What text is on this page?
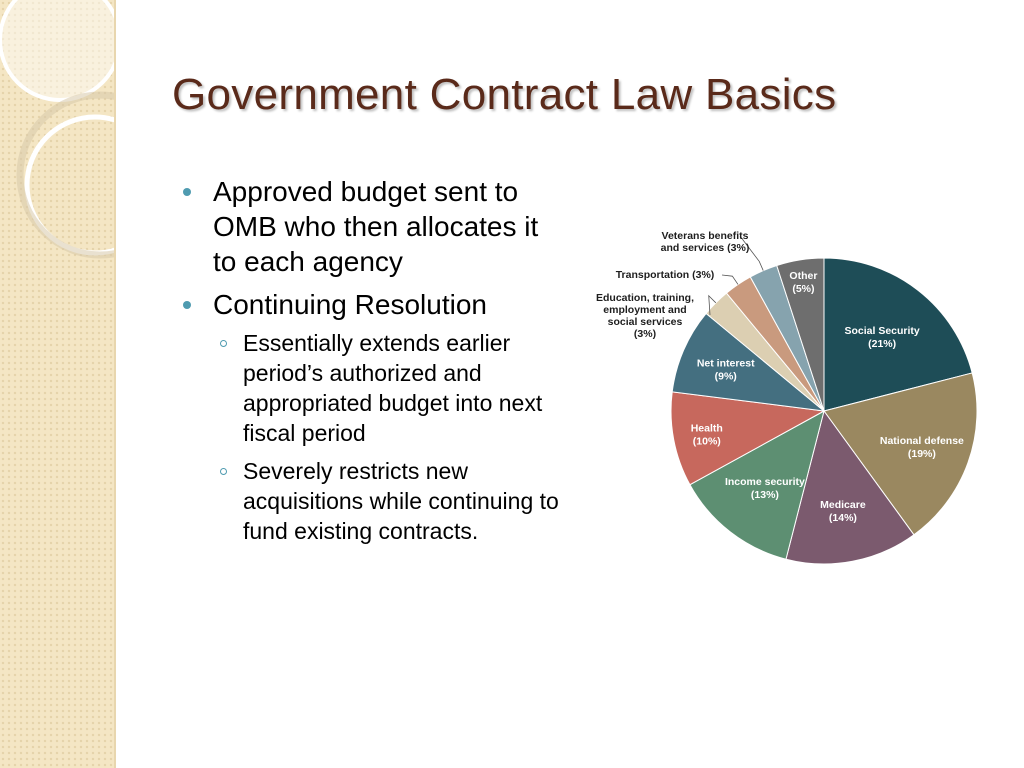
Government Contract Law Basics
Approved budget sent to OMB who then allocates it to each agency
Continuing Resolution
Essentially extends earlier period’s authorized and appropriated budget into next fiscal period
Severely restricts new acquisitions while continuing to fund existing contracts.
Social Security (21%)
National defense (19%)
Medicare (14%)
Income security (13%)
Health (10%)
Net interest (9%)
Education, training, employment and social services (3%)
Transportation (3%)
Veterans benefits and services (3%)
Other (5%)
